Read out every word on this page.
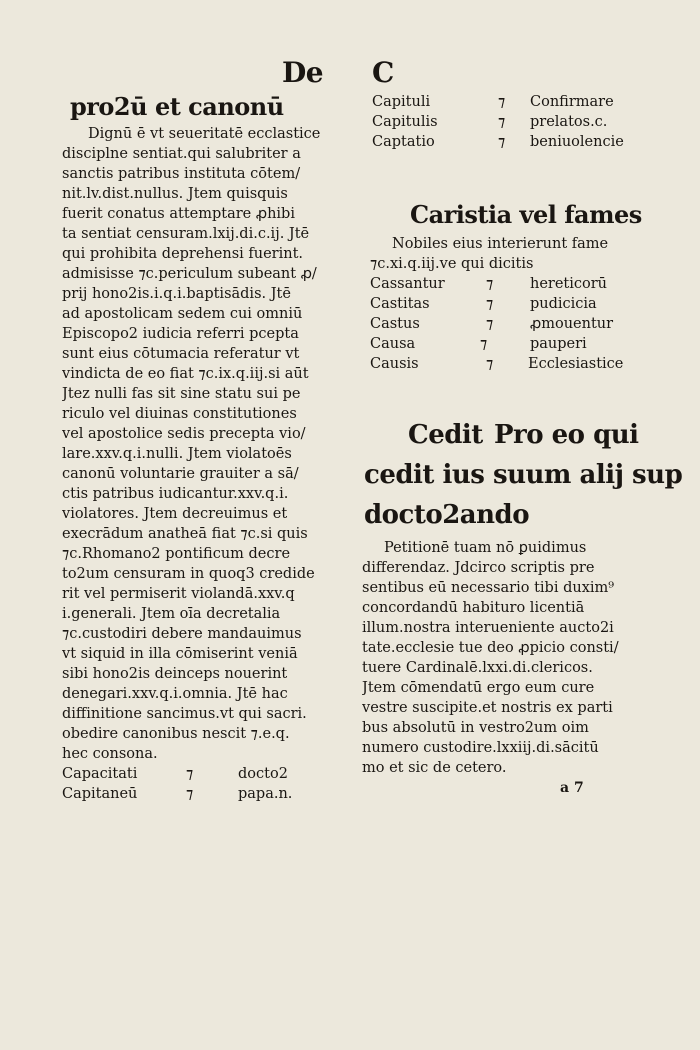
De C
pro2ū et canonū
Dignū ē vt seueritatē ecclastice
disciplne sentiat.qui salubriter a
sanctis patribus instituta cōtem/
nit.lv.dist.nullus. Jtem quisquis
fuerit conatus attemptare ꝓhibi
ta sentiat censuram.lxij.di.c.ij. Jtē
qui prohibita deprehensi fuerint.
admisisse ⁊c.periculum subeant ꝓ/
prij hono2is.i.q.i.baptisādis. Jtē
ad apostolicam sedem cui omniū
Episcopo2 iudicia referri pcepta
sunt eius cōtumacia referatur vt
vindicta de eo fiat ⁊c.ix.q.iij.si aūt
Jtez nulli fas sit sine statu sui pe
riculo vel diuinas constitutiones
vel apostolice sedis precepta vio/
lare.xxv.q.i.nulli. Jtem violatoēs
canonū voluntarie grauiter a sā/
ctis patribus iudicantur.xxv.q.i.
violatores. Jtem decreuimus et
execrādum anatheā fiat ⁊c.si quis
⁊c.Rhomano2 pontificum decre
to2um censuram in quoq3 credide
rit vel permiserit violandā.xxv.q
i.generali. Jtem oīa decretalia
⁊c.custodiri debere mandauimus
vt siquid in illa cōmiserint veniā
sibi hono2is deinceps nouerint
denegari.xxv.q.i.omnia. Jtē hac
diffinitione sancimus.vt qui sacri.
obedire canonibus nescit ⁊.e.q.
hec consona.
Capacitati	⁊	docto2
Capitaneū	⁊	papa.n.
Capituli	⁊ Confirmare
Capitulis	⁊ prelatos.c.
Captatio	⁊ beniuolencie
Caristia vel fames
Nobiles eius interierunt fame
⁊c.xi.q.iij.ve qui dicitis
Cassantur	⁊	hereticorū
Castitas	⁊	pudicicia
Castus	⁊	ꝓmouentur
Causa	⁊	pauperi
Causis	⁊ Ecclesiastice
Cedit Pro eo qui
cedit ius suum alij sup
docto2ando
Petitionē tuam nō ꝑuidimus
differendaz. Jdcirco scriptis pre
sentibus eū necessario tibi duxim⁹
concordandū habituro licentiā
illum.nostra interueniente aucto2i
tate.ecclesie tue deo ꝓpicio consti/
tuere Cardinalē.lxxi.di.clericos.
Jtem cōmendatū ergo eum cure
vestre suscipite.et nostris ex parti
bus absolutū in vestro2um oim
numero custodire.lxxiij.di.sācitū
mo et sic de cetero.
a 7
